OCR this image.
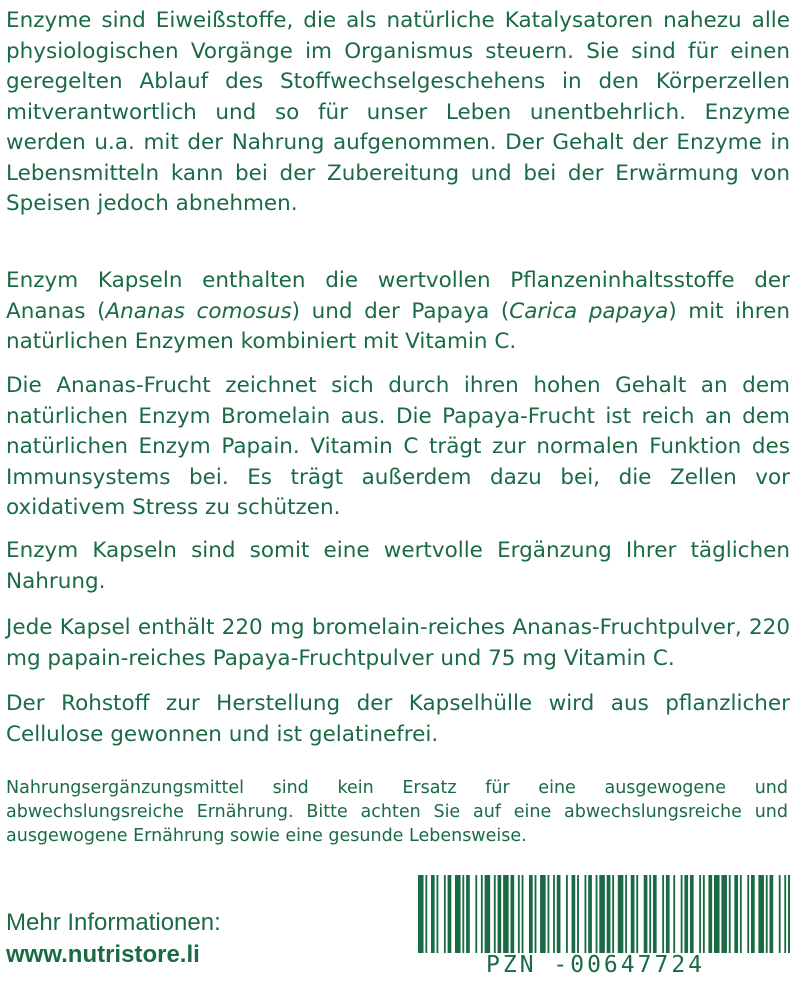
Enzyme sind Eiweißstoffe, die als natürliche Katalysatoren nahezu alle physiologischen Vorgänge im Organismus steuern. Sie sind für einen geregelten Ablauf des Stoffwechselgeschehens in den Körperzellen mitverantwortlich und so für unser Leben unentbehrlich. Enzyme werden u.a. mit der Nahrung aufgenommen. Der Gehalt der Enzyme in Lebensmitteln kann bei der Zubereitung und bei der Erwärmung von Speisen jedoch abnehmen.

Enzym Kapseln enthalten die wertvollen Pflanzeninhaltsstoffe der Ananas (Ananas comosus) und der Papaya (Carica papaya) mit ihren natürlichen Enzymen kombiniert mit Vitamin C.

Die Ananas-Frucht zeichnet sich durch ihren hohen Gehalt an dem natürlichen Enzym Bromelain aus. Die Papaya-Frucht ist reich an dem natürlichen Enzym Papain. Vitamin C trägt zur normalen Funktion des Immunsystems bei. Es trägt außerdem dazu bei, die Zellen vor oxidativem Stress zu schützen.

Enzym Kapseln sind somit eine wertvolle Ergänzung Ihrer täglichen Nahrung.

Jede Kapsel enthält 220 mg bromelain-reiches Ananas-Fruchtpulver, 220 mg papain-reiches Papaya-Fruchtpulver und 75 mg Vitamin C.

Der Rohstoff zur Herstellung der Kapselhülle wird aus pflanzlicher Cellulose gewonnen und ist gelatinefrei.

Nahrungsergänzungsmittel sind kein Ersatz für eine ausgewogene und abwechslungsreiche Ernährung. Bitte achten Sie auf eine abwechslungsreiche und ausgewogene Ernährung sowie eine gesunde Lebensweise.

Mehr Informationen:
www.nutristore.li	PZN -00647724
